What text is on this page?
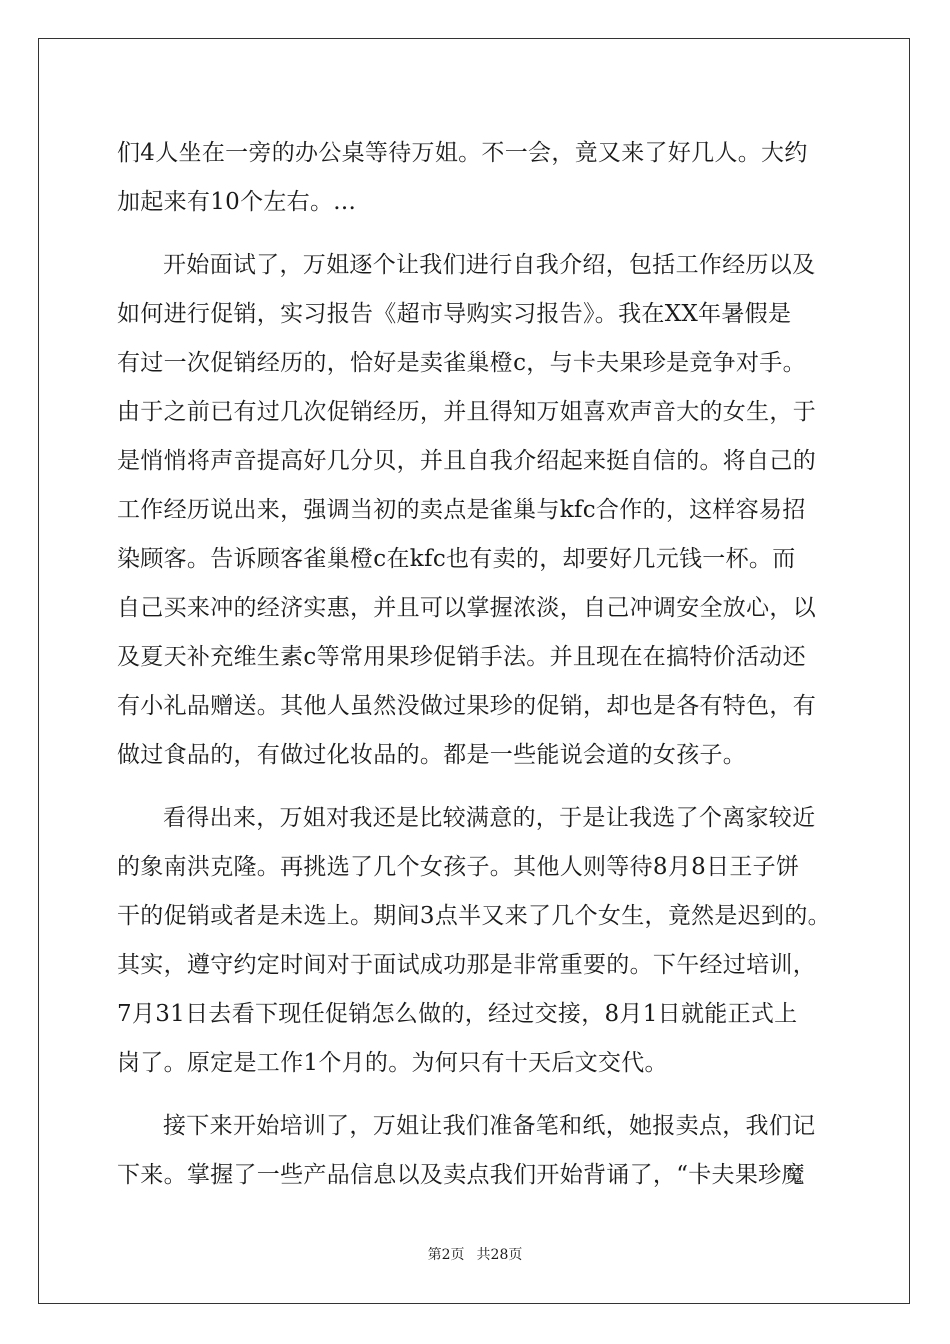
们4人坐在一旁的办公桌等待万姐。不一会，竟又来了好几人。大约
加起来有10个左右。...
开始面试了，万姐逐个让我们进行自我介绍，包括工作经历以及
如何进行促销，实习报告《超市导购实习报告》。我在XX年暑假是
有过一次促销经历的，恰好是卖雀巢橙c，与卡夫果珍是竞争对手。
由于之前已有过几次促销经历，并且得知万姐喜欢声音大的女生，于
是悄悄将声音提高好几分贝，并且自我介绍起来挺自信的。将自己的
工作经历说出来，强调当初的卖点是雀巢与kfc合作的，这样容易招
染顾客。告诉顾客雀巢橙c在kfc也有卖的，却要好几元钱一杯。而
自己买来冲的经济实惠，并且可以掌握浓淡，自己冲调安全放心，以
及夏天补充维生素c等常用果珍促销手法。并且现在在搞特价活动还
有小礼品赠送。其他人虽然没做过果珍的促销，却也是各有特色，有
做过食品的，有做过化妆品的。都是一些能说会道的女孩子。
看得出来，万姐对我还是比较满意的，于是让我选了个离家较近
的象南洪克隆。再挑选了几个女孩子。其他人则等待8月8日王子饼
干的促销或者是未选上。期间3点半又来了几个女生，竟然是迟到的。
其实，遵守约定时间对于面试成功那是非常重要的。下午经过培训，
7月31日去看下现任促销怎么做的，经过交接，8月1日就能正式上
岗了。原定是工作1个月的。为何只有十天后文交代。
接下来开始培训了，万姐让我们准备笔和纸，她报卖点，我们记
下来。掌握了一些产品信息以及卖点我们开始背诵了，“卡夫果珍魔
第2页 共28页
